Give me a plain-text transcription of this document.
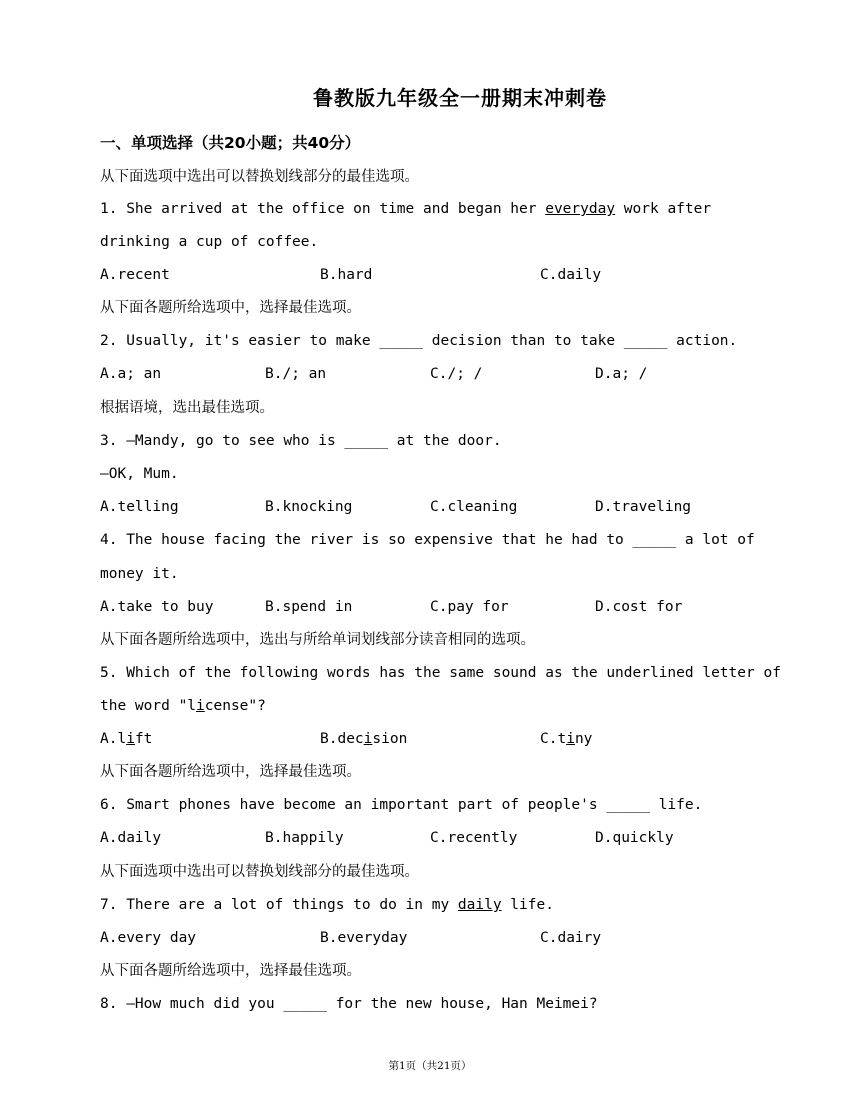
鲁教版九年级全一册期末冲刺卷
一、单项选择（共20小题；共40分）
从下面选项中选出可以替换划线部分的最佳选项。
1. She arrived at the office on time and began her everyday work after
drinking a cup of coffee.
A.recent	B.hard	C.daily
从下面各题所给选项中，选择最佳选项。
2. Usually, it's easier to make _____ decision than to take _____ action.
A.a; an	B./; an	C./; /	D.a; /
根据语境，选出最佳选项。
3. —Mandy, go to see who is _____ at the door.
—OK, Mum.
A.telling	B.knocking	C.cleaning	D.traveling
4. The house facing the river is so expensive that he had to _____ a lot of
money it.
A.take to buy	B.spend in	C.pay for	D.cost for
从下面各题所给选项中，选出与所给单词划线部分读音相同的选项。
5. Which of the following words has the same sound as the underlined letter of
the word "license"?
A.lift	B.decision	C.tiny
从下面各题所给选项中，选择最佳选项。
6. Smart phones have become an important part of people's _____ life.
A.daily	B.happily	C.recently	D.quickly
从下面选项中选出可以替换划线部分的最佳选项。
7. There are a lot of things to do in my daily life.
A.every day	B.everyday	C.dairy
从下面各题所给选项中，选择最佳选项。
8. —How much did you _____ for the new house, Han Meimei?
第1页（共21页）
